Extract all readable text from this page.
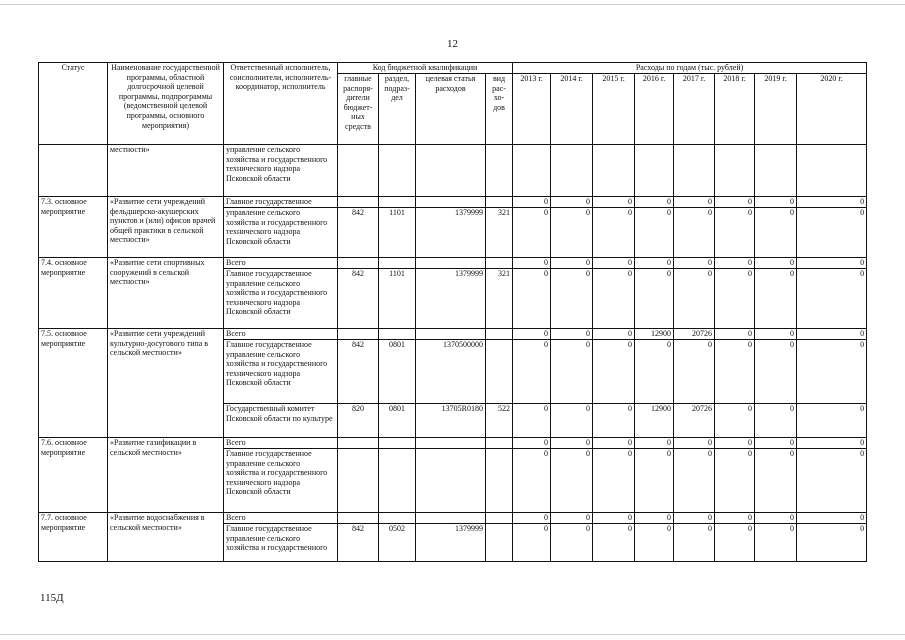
12
Статус	Наименование государственной программы, областной долгосрочной целевой программы, подпрограммы (ведомственной целевой программы, основного мероприятия)	Ответственный исполнитель, соисполнители, исполнитель-координатор, исполнитель	Код бюджетной квалификации				Расходы по годам (тыс. рублей)							
			главные распоря-дители бюджет-ных средств	раздел, подраз-дел	целевая статья расходов	вид рас-хо-дов	2013 г.	2014 г.	2015 г.	2016 г.	2017 г.	2018 г.	2019 г.	2020 г.
	местности»	управление сельского хозяйства и государственного технического надзора Псковской области												
7.3. основное мероприятие	«Развитие сети учреждений фельдшерско-акушерских пунктов и (или) офисов врачей общей практики в сельской местности»	Главное государственное					0	0	0	0	0	0	0	0
		управление сельского хозяйства и государственного технического надзора Псковской области	842	1101	1379999	321	0	0	0	0	0	0	0	0
7.4. основное мероприятие	«Развитие сети спортивных сооружений в сельской местности»	Всего					0	0	0	0	0	0	0	0
		Главное государственное управление сельского хозяйства и государственного технического надзора Псковской области	842	1101	1379999	321	0	0	0	0	0	0	0	0
7.5. основное мероприятие	«Развитие сети учреждений культурно-досугового типа в сельской местности»	Всего					0	0	0	12900	20726	0	0	0
		Главное государственное управление сельского хозяйства и государственного технического надзора Псковской области	842	0801	1370500000		0	0	0	0	0	0	0	0
		Государственный комитет Псковской области по культуре	820	0801	13705R0180	522	0	0	0	12900	20726	0	0	0
7.6. основное мероприятие	«Развитие газификации в сельской местности»	Всего					0	0	0	0	0	0	0	0
		Главное государственное управление сельского хозяйства и государственного технического надзора Псковской области					0	0	0	0	0	0	0	0
7.7. основное мероприятие	«Развитие водоснабжения в сельской местности»	Всего					0	0	0	0	0	0	0	0
		Главное государственное управление сельского хозяйства и государственного	842	0502	1379999		0	0	0	0	0	0	0	0
115Д
